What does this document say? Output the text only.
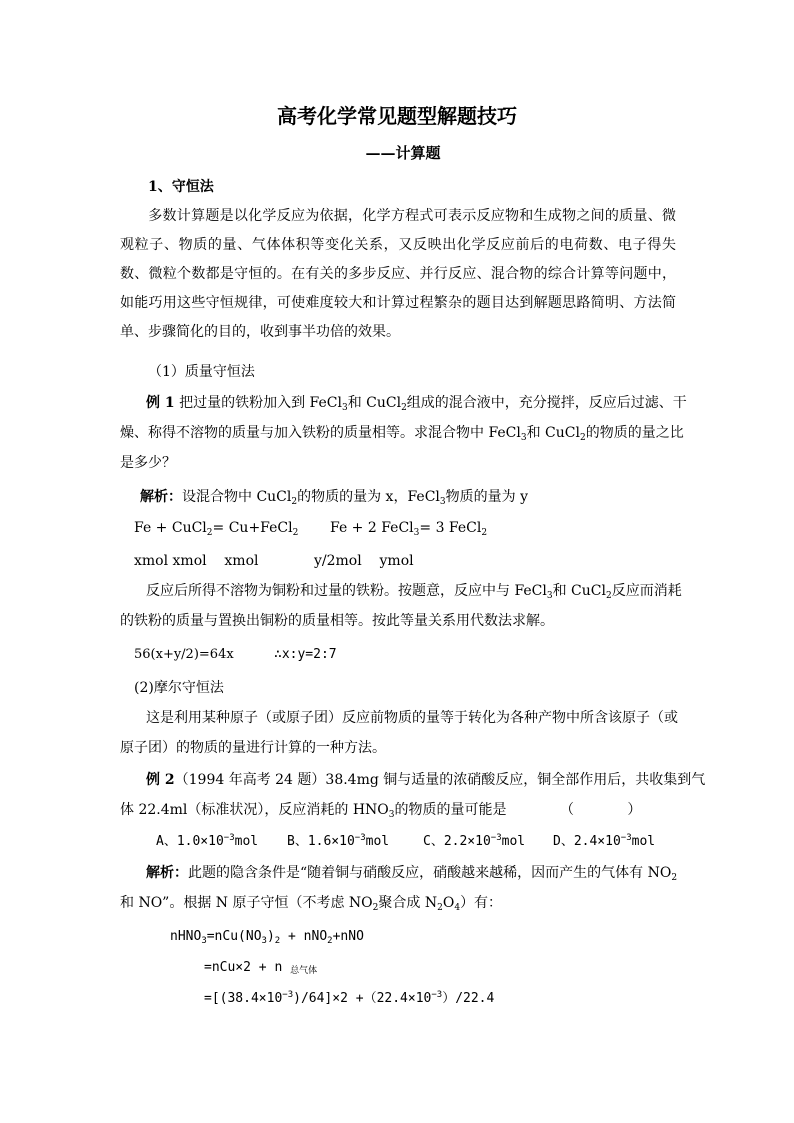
高考化学常见题型解题技巧
——计算题
1、守恒法
多数计算题是以化学反应为依据，化学方程式可表示反应物和生成物之间的质量、微观粒子、物质的量、气体体积等变化关系，又反映出化学反应前后的电荷数、电子得失数、微粒个数都是守恒的。在有关的多步反应、并行反应、混合物的综合计算等问题中，如能巧用这些守恒规律，可使难度较大和计算过程繁杂的题目达到解题思路简明、方法简单、步骤简化的目的，收到事半功倍的效果。
（1）质量守恒法
例 1 把过量的铁粉加入到 FeCl$_3$和 CuCl$_2$组成的混合液中，充分搅拌，反应后过滤、干
燥、称得不溶物的质量与加入铁粉的质量相等。求混合物中 FeCl$_3$和 CuCl$_2$的物质的量之比
是多少？
解析：设混合物中 CuCl$_2$的物质的量为 x，FeCl$_3$物质的量为 y
Fe + CuCl$_2$= Cu+FeCl$_2$ Fe + 2 FeCl$_3$= 3 FeCl$_2$
xmol xmol    xmol	y/2mol    ymol
反应后所得不溶物为铜粉和过量的铁粉。按题意，反应中与 FeCl$_3$和 CuCl$_2$反应而消耗
的铁粉的质量与置换出铜粉的质量相等。按此等量关系用代数法求解。
56(x+y/2)=64x	∴x:y=2:7
(2)摩尔守恒法
这是利用某种原子（或原子团）反应前物质的量等于转化为各种产物中所含该原子（或
原子团）的物质的量进行计算的一种方法。
例 2（1994 年高考 24 题）38.4mg 铜与适量的浓硝酸反应，铜全部作用后，共收集到气
体 22.4ml（标准状况），反应消耗的 $HNO_3$的物质的量可能是	（            ）
A、$1.0\times 10^{-3}mol$ B、$1.6\times 10^{-3}mol$	C、$2.2\times 10^{-3}mol$ D、$2.4\times 10^{-3}mol$
解析：此题的隐含条件是“随着铜与硝酸反应，硝酸越来越稀，因而产生的气体有 $NO_2$
和 NO”。根据 N 原子守恒（不考虑 $NO_2$聚合成 $N_2O_4$）有：
$nHNO_3=nCu(NO_3)_2 + nNO_2+nNO$
=nCu×2 + n 总气体
$=[(38.4\times 10^{-3})/64]\times 2 +(22.4\times 10^{-3})/22.4$
